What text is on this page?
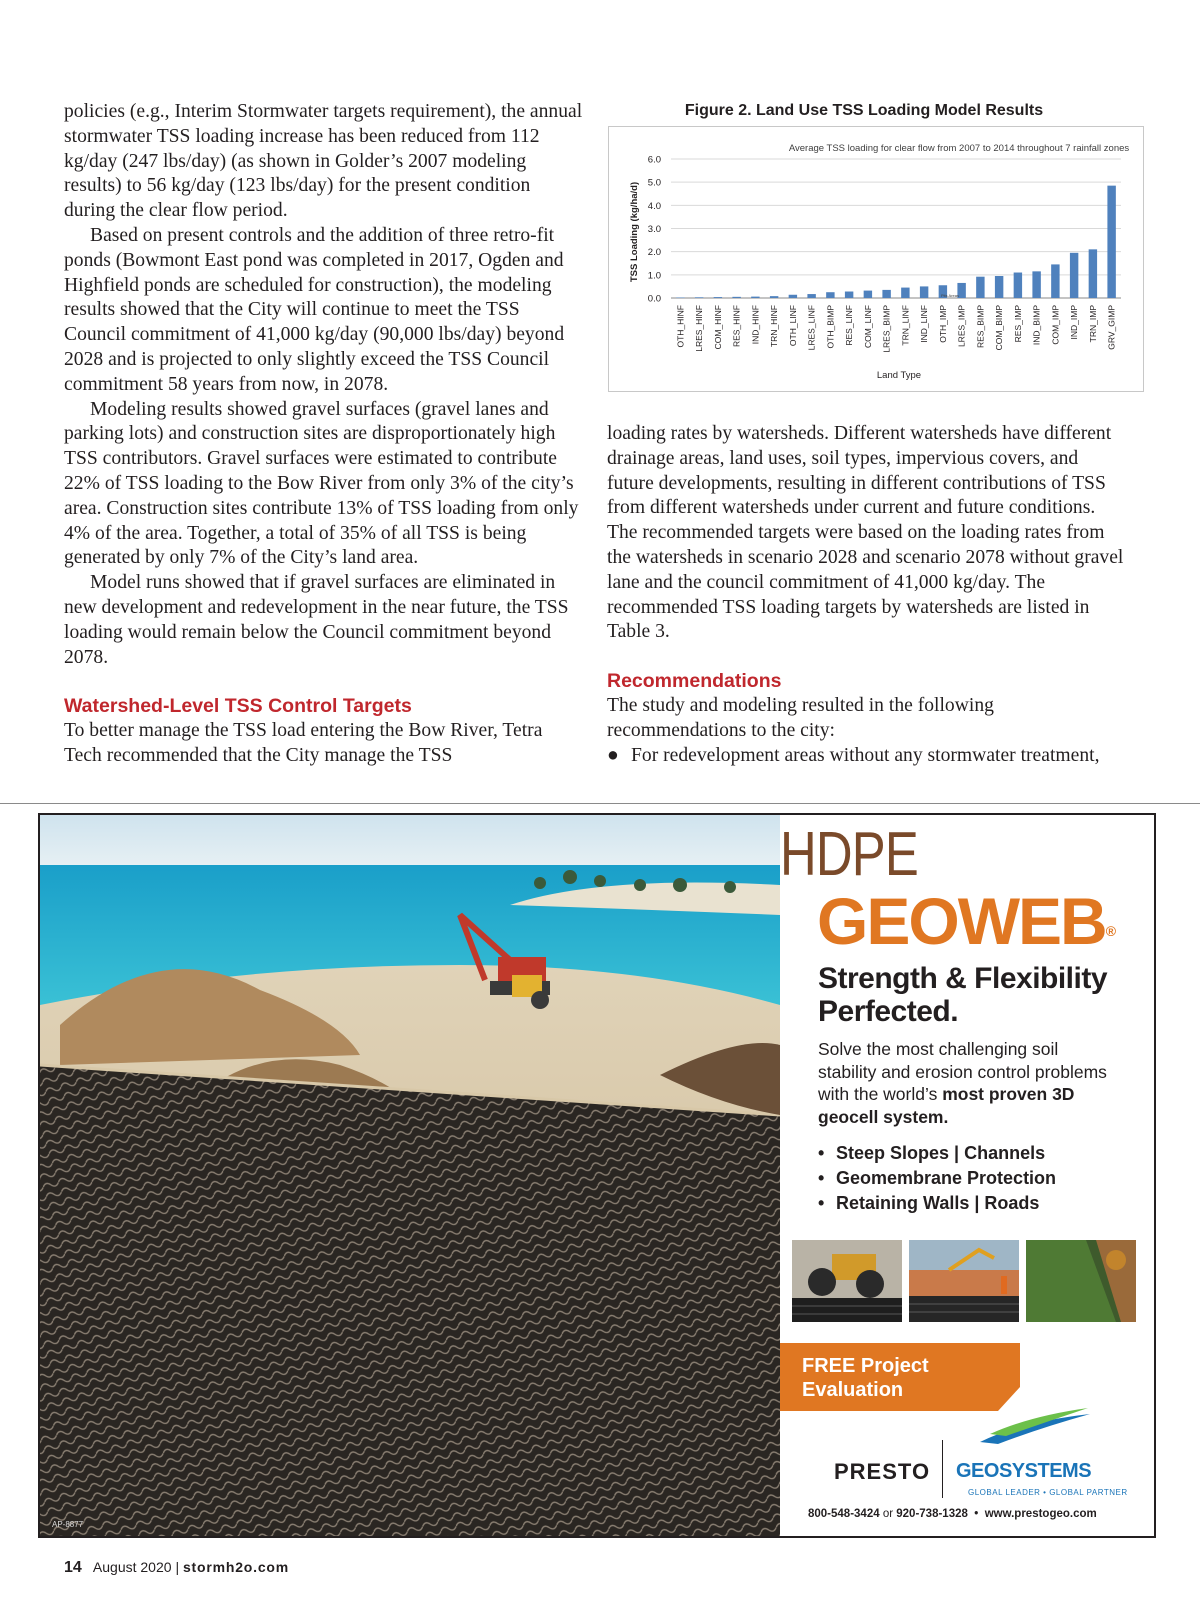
policies (e.g., Interim Stormwater targets requirement), the annual stormwater TSS loading increase has been reduced from 112 kg/day (247 lbs/day) (as shown in Golder’s 2007 modeling results) to 56 kg/day (123 lbs/day) for the present condition during the clear flow period.

Based on present controls and the addition of three retro-fit ponds (Bowmont East pond was completed in 2017, Ogden and Highfield ponds are scheduled for construction), the modeling results showed that the City will continue to meet the TSS Council commitment of 41,000 kg/day (90,000 lbs/day) beyond 2028 and is projected to only slightly exceed the TSS Council commitment 58 years from now, in 2078.

Modeling results showed gravel surfaces (gravel lanes and parking lots) and construction sites are disproportionately high TSS contributors. Gravel surfaces were estimated to contribute 22% of TSS loading to the Bow River from only 3% of the city’s area. Construction sites contribute 13% of TSS loading from only 4% of the area. Together, a total of 35% of all TSS is being generated by only 7% of the City’s land area.

Model runs showed that if gravel surfaces are eliminated in new development and redevelopment in the near future, the TSS loading would remain below the Council commitment beyond 2078.

Watershed-Level TSS Control Targets

To better manage the TSS load entering the Bow River, Tetra Tech recommended that the City manage the TSS

Figure 2. Land Use TSS Loading Model Results
Average TSS loading for clear flow from 2007 to 2014 throughout 7 rainfall zones
0.0
1.0
2.0
3.0
4.0
5.0
6.0
OTH_HINF LRES_HINF COM_HINF RES_HINF IND_HINF TRN_HINF OTH_LINF LRES_LINF OTH_BIMP RES_LINF COM_LINF LRES_BIMP TRN_LINF IND_LINF OTH_IMP LRES_IMP RES_BIMP COM_BIMP RES_IMP IND_BIMP COM_IMP IND_IMP TRN_IMP GRV_GIMP
TSS Loading (kg/ha/d)
Land Type
Pits Areas

loading rates by watersheds. Different watersheds have different drainage areas, land uses, soil types, impervious covers, and future developments, resulting in different contributions of TSS from different watersheds under current and future conditions. The recommended targets were based on the loading rates from the watersheds in scenario 2028 and scenario 2078 without gravel lane and the council commitment of 41,000 kg/day. The recommended TSS loading targets by watersheds are listed in Table 3.

Recommendations

The study and modeling resulted in the following recommendations to the city:

● For redevelopment areas without any stormwater treatment,

HDPE
GEOWEB®
Strength & Flexibility
Perfected.
Solve the most challenging soil stability and erosion control problems with the world’s most proven 3D geocell system.
• Steep Slopes | Channels
• Geomembrane Protection
• Retaining Walls | Roads
FREE Project
Evaluation
PRESTO GEOSYSTEMS
GLOBAL LEADER • GLOBAL PARTNER
800-548-3424 or 920-738-1328 • www.prestogeo.com
AP-8877
14 August 2020 | stormh2o.com
